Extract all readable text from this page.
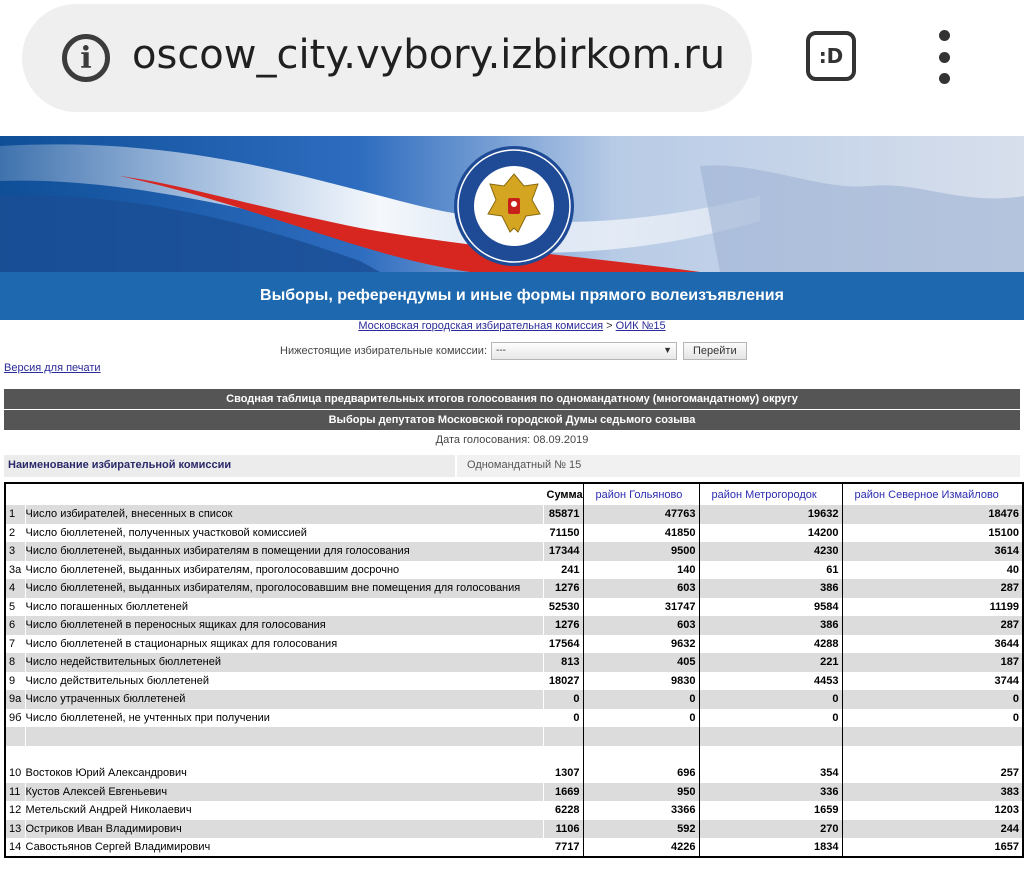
i	oscow_city.vybory.izbirkom.ru	:D
Выборы, референдумы и иные формы прямого волеизъявления
Московская городская избирательная комиссия > ОИК №15
Нижестоящие избирательные комиссии: ---	▼	Перейти
Версия для печати
Сводная таблица предварительных итогов голосования по одномандатному (многомандатному) округу
Выборы депутатов Московской городской Думы седьмого созыва
Дата голосования: 08.09.2019
Наименование избирательной комиссии	Одномандатный № 15
		Сумма	район Гольяново	район Метрогородок	район Северное Измайлово
1	Число избирателей, внесенных в список	85871	47763	19632	18476
2	Число бюллетеней, полученных участковой комиссией	71150	41850	14200	15100
3	Число бюллетеней, выданных избирателям в помещении для голосования	17344	9500	4230	3614
3а	Число бюллетеней, выданных избирателям, проголосовавшим досрочно	241	140	61	40
4	Число бюллетеней, выданных избирателям, проголосовавшим вне помещения для голосования	1276	603	386	287
5	Число погашенных бюллетеней	52530	31747	9584	11199
6	Число бюллетеней в переносных ящиках для голосования	1276	603	386	287
7	Число бюллетеней в стационарных ящиках для голосования	17564	9632	4288	3644
8	Число недействительных бюллетеней	813	405	221	187
9	Число действительных бюллетеней	18027	9830	4453	3744
9а	Число утраченных бюллетеней	0	0	0	0
9б	Число бюллетеней, не учтенных при получении	0	0	0	0

10	Востоков Юрий Александрович	1307	696	354	257
11	Кустов Алексей Евгеньевич	1669	950	336	383
12	Метельский Андрей Николаевич	6228	3366	1659	1203
13	Остриков Иван Владимирович	1106	592	270	244
14	Савостьянов Сергей Владимирович	7717	4226	1834	1657
